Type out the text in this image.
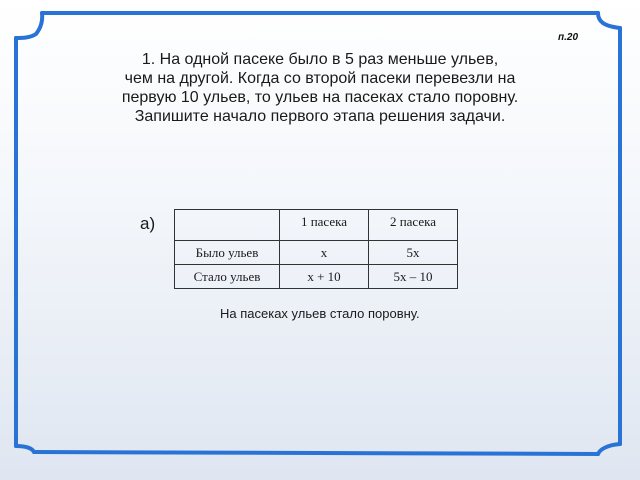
п.20
1. На одной пасеке было в 5 раз меньше ульев,
чем на другой. Когда со второй пасеки перевезли на
первую 10 ульев, то ульев на пасеках стало поровну.
Запишите начало первого этапа решения задачи.
а)
		1 пасека	2 пасека
Было ульев	х	5х
Стало ульев	х + 10	5х – 10
На пасеках ульев стало поровну.
